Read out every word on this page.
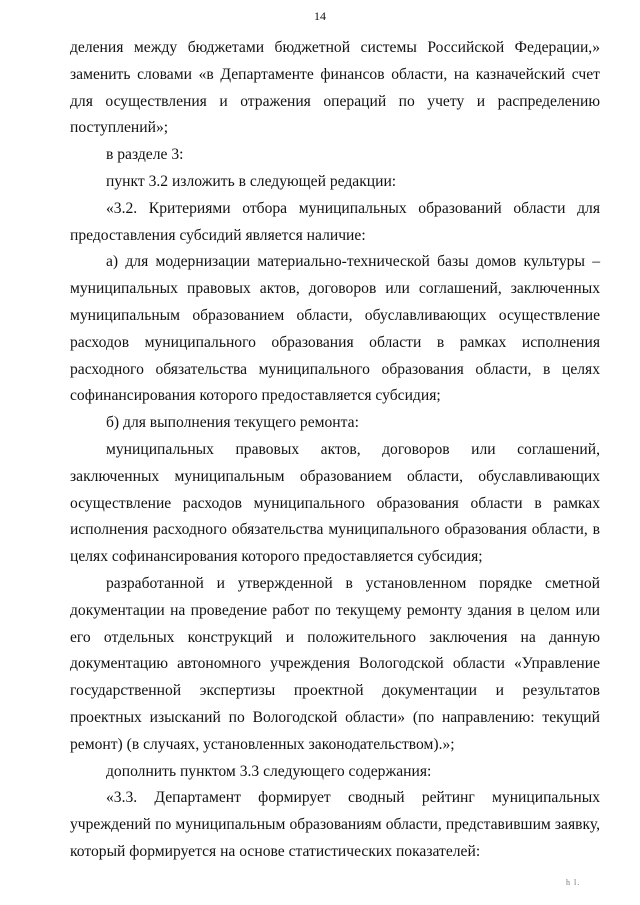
14

деления между бюджетами бюджетной системы Российской Федерации,» заменить словами «в Департаменте финансов области, на казначейский счет для осуществления и отражения операций по учету и распределению поступлений»;

в разделе 3:

пункт 3.2 изложить в следующей редакции:

«3.2. Критериями отбора муниципальных образований области для предоставления субсидий является наличие:

а) для модернизации материально-технической базы домов культуры – муниципальных правовых актов, договоров или соглашений, заключенных муниципальным образованием области, обуславливающих осуществление расходов муниципального образования области в рамках исполнения расходного обязательства муниципального образования области, в целях софинансирования которого предоставляется субсидия;

б) для выполнения текущего ремонта:

муниципальных правовых актов, договоров или соглашений, заключенных муниципальным образованием области, обуславливающих осуществление расходов муниципального образования области в рамках исполнения расходного обязательства муниципального образования области, в целях софинансирования которого предоставляется субсидия;

разработанной и утвержденной в установленном порядке сметной документации на проведение работ по текущему ремонту здания в целом или его отдельных конструкций и положительного заключения на данную документацию автономного учреждения Вологодской области «Управление государственной экспертизы проектной документации и результатов проектных изысканий по Вологодской области» (по направлению: текущий ремонт) (в случаях, установленных законодательством).»;

дополнить пунктом 3.3 следующего содержания:

«3.3. Департамент формирует сводный рейтинг муниципальных учреждений по муниципальным образованиям области, представившим заявку, который формируется на основе статистических показателей:

h l.
